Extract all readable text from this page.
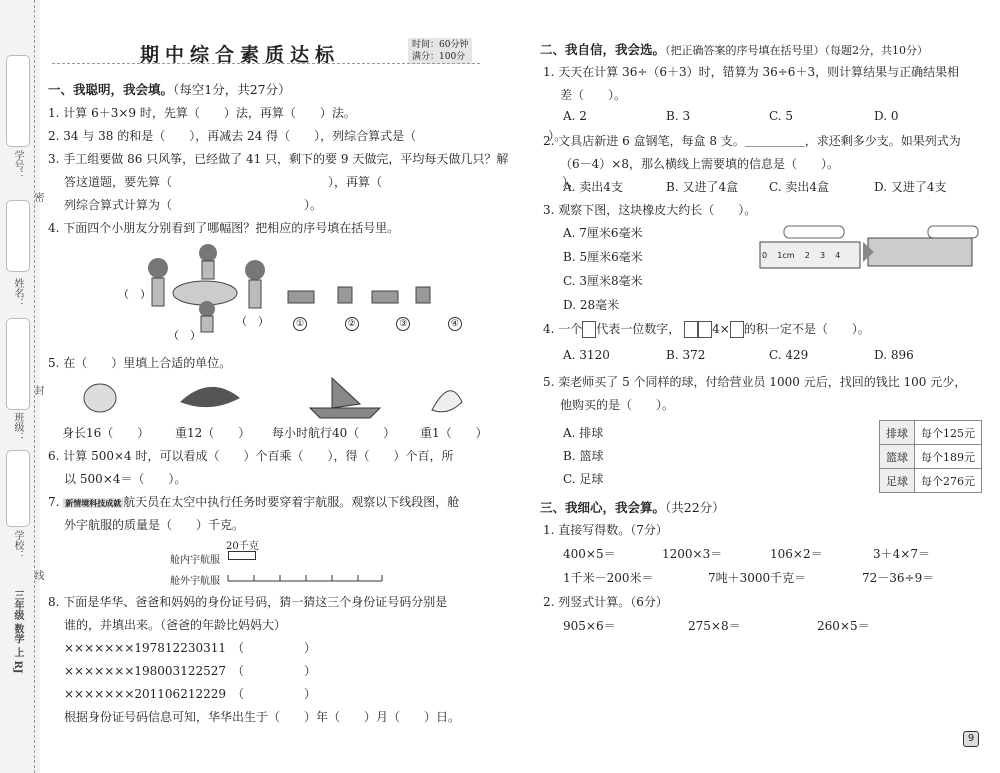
学号：
密
姓名：
封
班级：
学校：
线
三年级 数学 上 RJ
期中综合素质达标	时间：60分钟
满分：100分
一、我聪明，我会填。（每空1分，共27分）
1. 计算 6＋3×9 时，先算（　　）法，再算（　　）法。
2. 34 与 38 的和是（　　），再减去 24 得（　　），列综合算式是（　　　　　　　　　　　）。
3. 手工组要做 86 只风筝，已经做了 41 只，剩下的要 9 天做完，平均每天做几只？解
答这道题，要先算（　　　　　　　　　　　　　），再算（　　　　　　　　　　　　　　　），
列综合算式计算为（　　　　　　　　　　　）。
4. 下面四个小朋友分别看到了哪幅图？把相应的序号填在括号里。
（　）
（　）
（　）	①	②	③	④
5. 在（　　）里填上合适的单位。
身长16（　　） 重12（　　） 每小时航行40（　　） 重1（　　）
6. 计算 500×4 时，可以看成（　　）个百乘（　　），得（　　）个百，所
以 500×4＝（　　）。
7. 新情境科技成就 航天员在太空中执行任务时要穿着宇航服。观察以下线段图，舱
外宇航服的质量是（　　）千克。
20千克
舱内宇航服
舱外宇航服
8. 下面是华华、爸爸和妈妈的身份证号码，猜一猜这三个身份证号码分别是
谁的，并填出来。（爸爸的年龄比妈妈大）
×××××××197812230311　（　　　　　）
×××××××198003122527　（　　　　　）
×××××××201106212229　（　　　　　）
根据身份证号码信息可知，华华出生于（　　）年（　　）月（　　）日。
二、我自信，我会选。（把正确答案的序号填在括号里）（每题2分，共10分）
1. 天天在计算 36÷（6＋3）时，错算为 36÷6＋3，则计算结果与正确结果相
差（　　）。
A. 2	B. 3	C. 5	D. 0
2. 文具店新进 6 盒钢笔，每盒 8 支。＿＿＿＿＿，求还剩多少支。如果列式为
（6－4）×8，那么横线上需要填的信息是（　　）。
A. 卖出4支	B. 又进了4盒	C. 卖出4盒	D. 又进了4支
3. 观察下图，这块橡皮大约长（　　）。
A. 7厘米6毫米
B. 5厘米6毫米
C. 3厘米8毫米
D. 28毫米
0 1cm 2 3 4
4. 一个 代表一位数字，	4× 的积一定不是（　　）。
A. 3120	B. 372	C. 429	D. 896
5. 栾老师买了 5 个同样的球，付给营业员 1000 元后，找回的钱比 100 元少，
他购买的是（　　）。
A. 排球
B. 篮球
C. 足球
排球	每个125元
篮球	每个189元
足球	每个276元
三、我细心，我会算。（共22分）
1. 直接写得数。（7分）
400×5＝	1200×3＝	106×2＝	3＋4×7＝
1千米－200米＝	7吨＋3000千克＝	72－36÷9＝
2. 列竖式计算。（6分）
905×6＝	275×8＝	260×5＝
9
